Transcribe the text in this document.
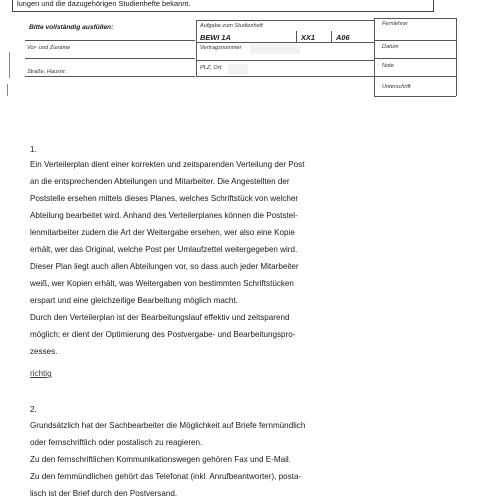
lungen und die dazugehörigen Studienhefte bekannt.
Bitte vollständig ausfüllen:
Vor- und Zuname
Straße, Hausnr.
Aufgabe zum Studienheft
BEWI 1A	XX1	A06
Vertragsnummer
PLZ, Ort
Fernlehrer
Datum
Note
Unterschrift
1.
Ein Verteilerplan dient einer korrekten und zeitsparenden Verteilung der Post
an die entsprechenden Abteilungen und Mitarbeiter. Die Angestellten der
Poststelle ersehen mittels dieses Planes, welches Schriftstück von welcher
Abteilung bearbeitet wird. Anhand des Verteilerplanes können die Poststel-
lenmitarbeiter zudem die Art der Weitergabe ersehen, wer also eine Kopie
erhält, wer das Original, welche Post per Umlaufzettel weitergegeben wird.
Dieser Plan liegt auch allen Abteilungen vor, so dass auch jeder Mitarbeiter
weiß, wer Kopien erhält, was Weitergaben von bestimmten Schriftstücken
erspart und eine gleichzeitige Bearbeitung möglich macht.
Durch den Verteilerplan ist der Bearbeitungslauf effektiv und zeitsparend
möglich; er dient der Optimierung des Postvergabe- und Bearbeitungspro-
zesses.
richtig
2.
Grundsätzlich hat der Sachbearbeiter die Möglichkeit auf Briefe fernmündlich
oder fernschriftlich oder postalisch zu reagieren.
Zu den fernschriftlichen Kommunikationswegen gehören Fax und E-Mail.
Zu den fernmündlichen gehört das Telefonat (inkl. Anrufbeantworter), posta-
lisch ist der Brief durch den Postversand.
